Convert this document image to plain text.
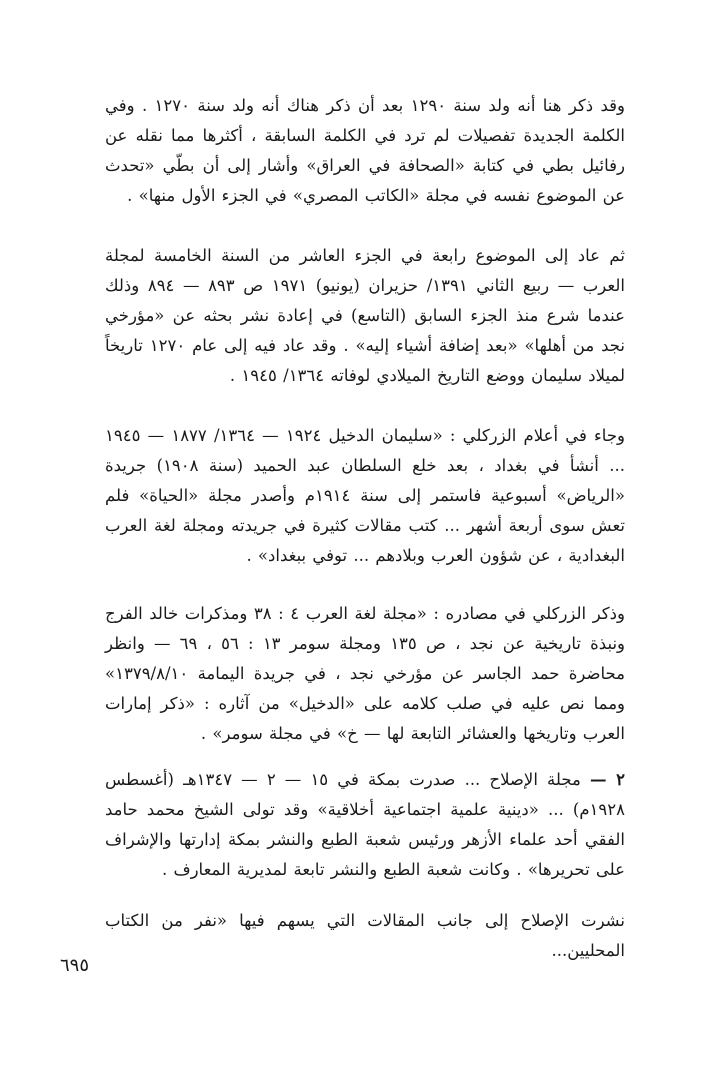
وقد ذكر هنا أنه ولد سنة ١٢٩٠ بعد أن ذكر هناك أنه ولد سنة ١٢٧٠ . وفي الكلمة الجديدة تفصيلات لم ترد في الكلمة السابقة ، أكثرها مما نقله عن رفائيل بطي في كتابة «الصحافة في العراق» وأشار إلى أن بطّي «تحدث عن الموضوع نفسه في مجلة «الكاتب المصري» في الجزء الأول منها» .
ثم عاد إلى الموضوع رابعة في الجزء العاشر من السنة الخامسة لمجلة العرب — ربيع الثاني ١٣٩١/ حزيران (يونيو) ١٩٧١ ص ٨٩٣ — ٨٩٤ وذلك عندما شرع منذ الجزء السابق (التاسع) في إعادة نشر بحثه عن «مؤرخي نجد من أهلها» «بعد إضافة أشياء إليه» . وقد عاد فيه إلى عام ١٢٧٠ تاريخاً لميلاد سليمان ووضع التاريخ الميلادي لوفاته ١٣٦٤/ ١٩٤٥ .
وجاء في أعلام الزركلي : «سليمان الدخيل ١٩٢٤ — ١٣٦٤/ ١٨٧٧ — ١٩٤٥ ... أنشأ في بغداد ، بعد خلع السلطان عبد الحميد (سنة ١٩٠٨) جريدة «الرياض» أسبوعية فاستمر إلى سنة ١٩١٤م وأصدر مجلة «الحياة» فلم تعش سوى أربعة أشهر ... كتب مقالات كثيرة في جريدته ومجلة لغة العرب البغدادية ، عن شؤون العرب وبلادهم ... توفي ببغداد» .
وذكر الزركلي في مصادره : «مجلة لغة العرب ٤ : ٣٨ ومذكرات خالد الفرج ونبذة تاريخية عن نجد ، ص ١٣٥ ومجلة سومر ١٣ : ٥٦ ، ٦٩ — وانظر محاضرة حمد الجاسر عن مؤرخي نجد ، في جريدة اليمامة ١٣٧٩/٨/١٠» ومما نص عليه في صلب كلامه على «الدخيل» من آثاره : «ذكر إمارات العرب وتاريخها والعشائر التابعة لها — خ» في مجلة سومر» .
٢ — مجلة الإصلاح ... صدرت بمكة في ١٥ — ٢ — ١٣٤٧هـ (أغسطس ١٩٢٨م) ... «دينية علمية اجتماعية أخلاقية» وقد تولى الشيخ محمد حامد الفقي أحد علماء الأزهر ورئيس شعبة الطبع والنشر بمكة إدارتها والإشراف على تحريرها» . وكانت شعبة الطبع والنشر تابعة لمديرية المعارف .
نشرت الإصلاح إلى جانب المقالات التي يسهم فيها «نفر من الكتاب المحليين...
٦٩٥
